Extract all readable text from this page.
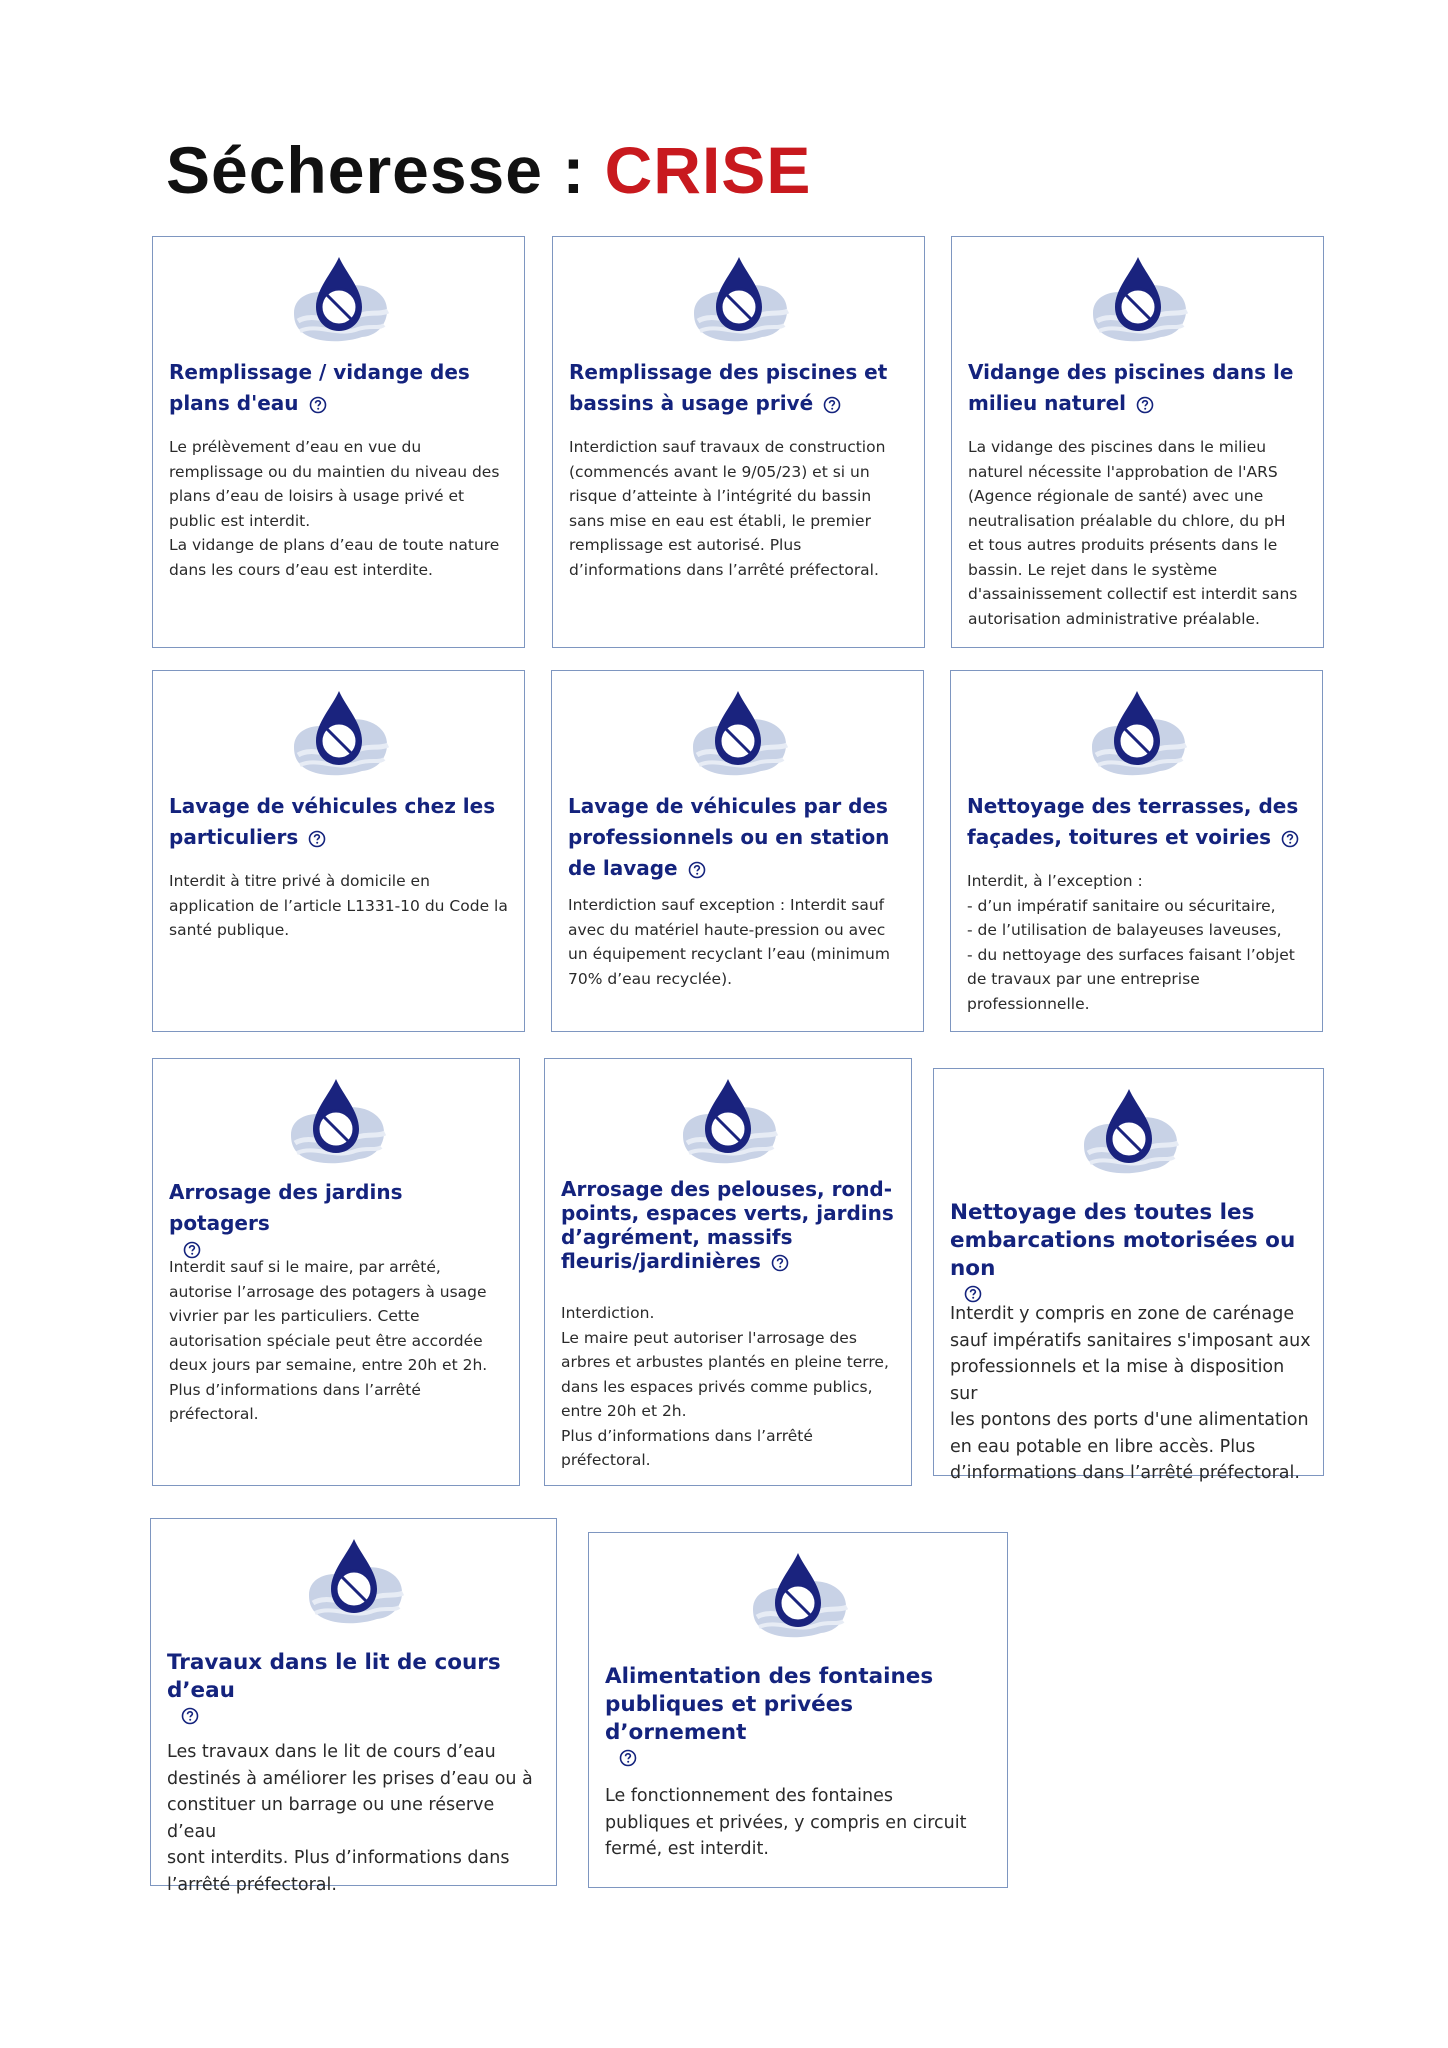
Sécheresse : CRISE
Remplissage / vidange des plans d'eau

Le prélèvement d’eau en vue du
remplissage ou du maintien du niveau des
plans d’eau de loisirs à usage privé et
public est interdit.
La vidange de plans d’eau de toute nature
dans les cours d’eau est interdite.

Remplissage des piscines et bassins à usage privé

Interdiction sauf travaux de construction
(commencés avant le 9/05/23) et si un
risque d’atteinte à l’intégrité du bassin
sans mise en eau est établi, le premier
remplissage est autorisé. Plus
d’informations dans l’arrêté préfectoral.

Vidange des piscines dans le milieu naturel

La vidange des piscines dans le milieu
naturel nécessite l'approbation de l'ARS
(Agence régionale de santé) avec une
neutralisation préalable du chlore, du pH
et tous autres produits présents dans le
bassin. Le rejet dans le système
d'assainissement collectif est interdit sans
autorisation administrative préalable.

Lavage de véhicules chez les particuliers

Interdit à titre privé à domicile en
application de l’article L1331-10 du Code la
santé publique.

Lavage de véhicules par des professionnels ou en station de lavage

Interdiction sauf exception : Interdit sauf
avec du matériel haute-pression ou avec
un équipement recyclant l’eau (minimum
70% d’eau recyclée).

Nettoyage des terrasses, des façades, toitures et voiries

Interdit, à l’exception :
- d’un impératif sanitaire ou sécuritaire,
- de l’utilisation de balayeuses laveuses,
- du nettoyage des surfaces faisant l’objet
de travaux par une entreprise
professionnelle.

Arrosage des jardins potagers

Interdit sauf si le maire, par arrêté,
autorise l’arrosage des potagers à usage
vivrier par les particuliers. Cette
autorisation spéciale peut être accordée
deux jours par semaine, entre 20h et 2h.
Plus d’informations dans l’arrêté
préfectoral.

Arrosage des pelouses, rond-points, espaces verts, jardins d’agrément, massifs fleuris/jardinières

Interdiction.
Le maire peut autoriser l'arrosage des
arbres et arbustes plantés en pleine terre,
dans les espaces privés comme publics,
entre 20h et 2h.
Plus d’informations dans l’arrêté
préfectoral.

Nettoyage des toutes les embarcations motorisées ou non

Interdit y compris en zone de carénage
sauf impératifs sanitaires s'imposant aux
professionnels et la mise à disposition sur
les pontons des ports d'une alimentation
en eau potable en libre accès. Plus
d’informations dans l’arrêté préfectoral.

Travaux dans le lit de cours d’eau

Les travaux dans le lit de cours d’eau
destinés à améliorer les prises d’eau ou à
constituer un barrage ou une réserve d’eau
sont interdits. Plus d’informations dans
l’arrêté préfectoral.

Alimentation des fontaines publiques et privées d’ornement

Le fonctionnement des fontaines
publiques et privées, y compris en circuit
fermé, est interdit.
